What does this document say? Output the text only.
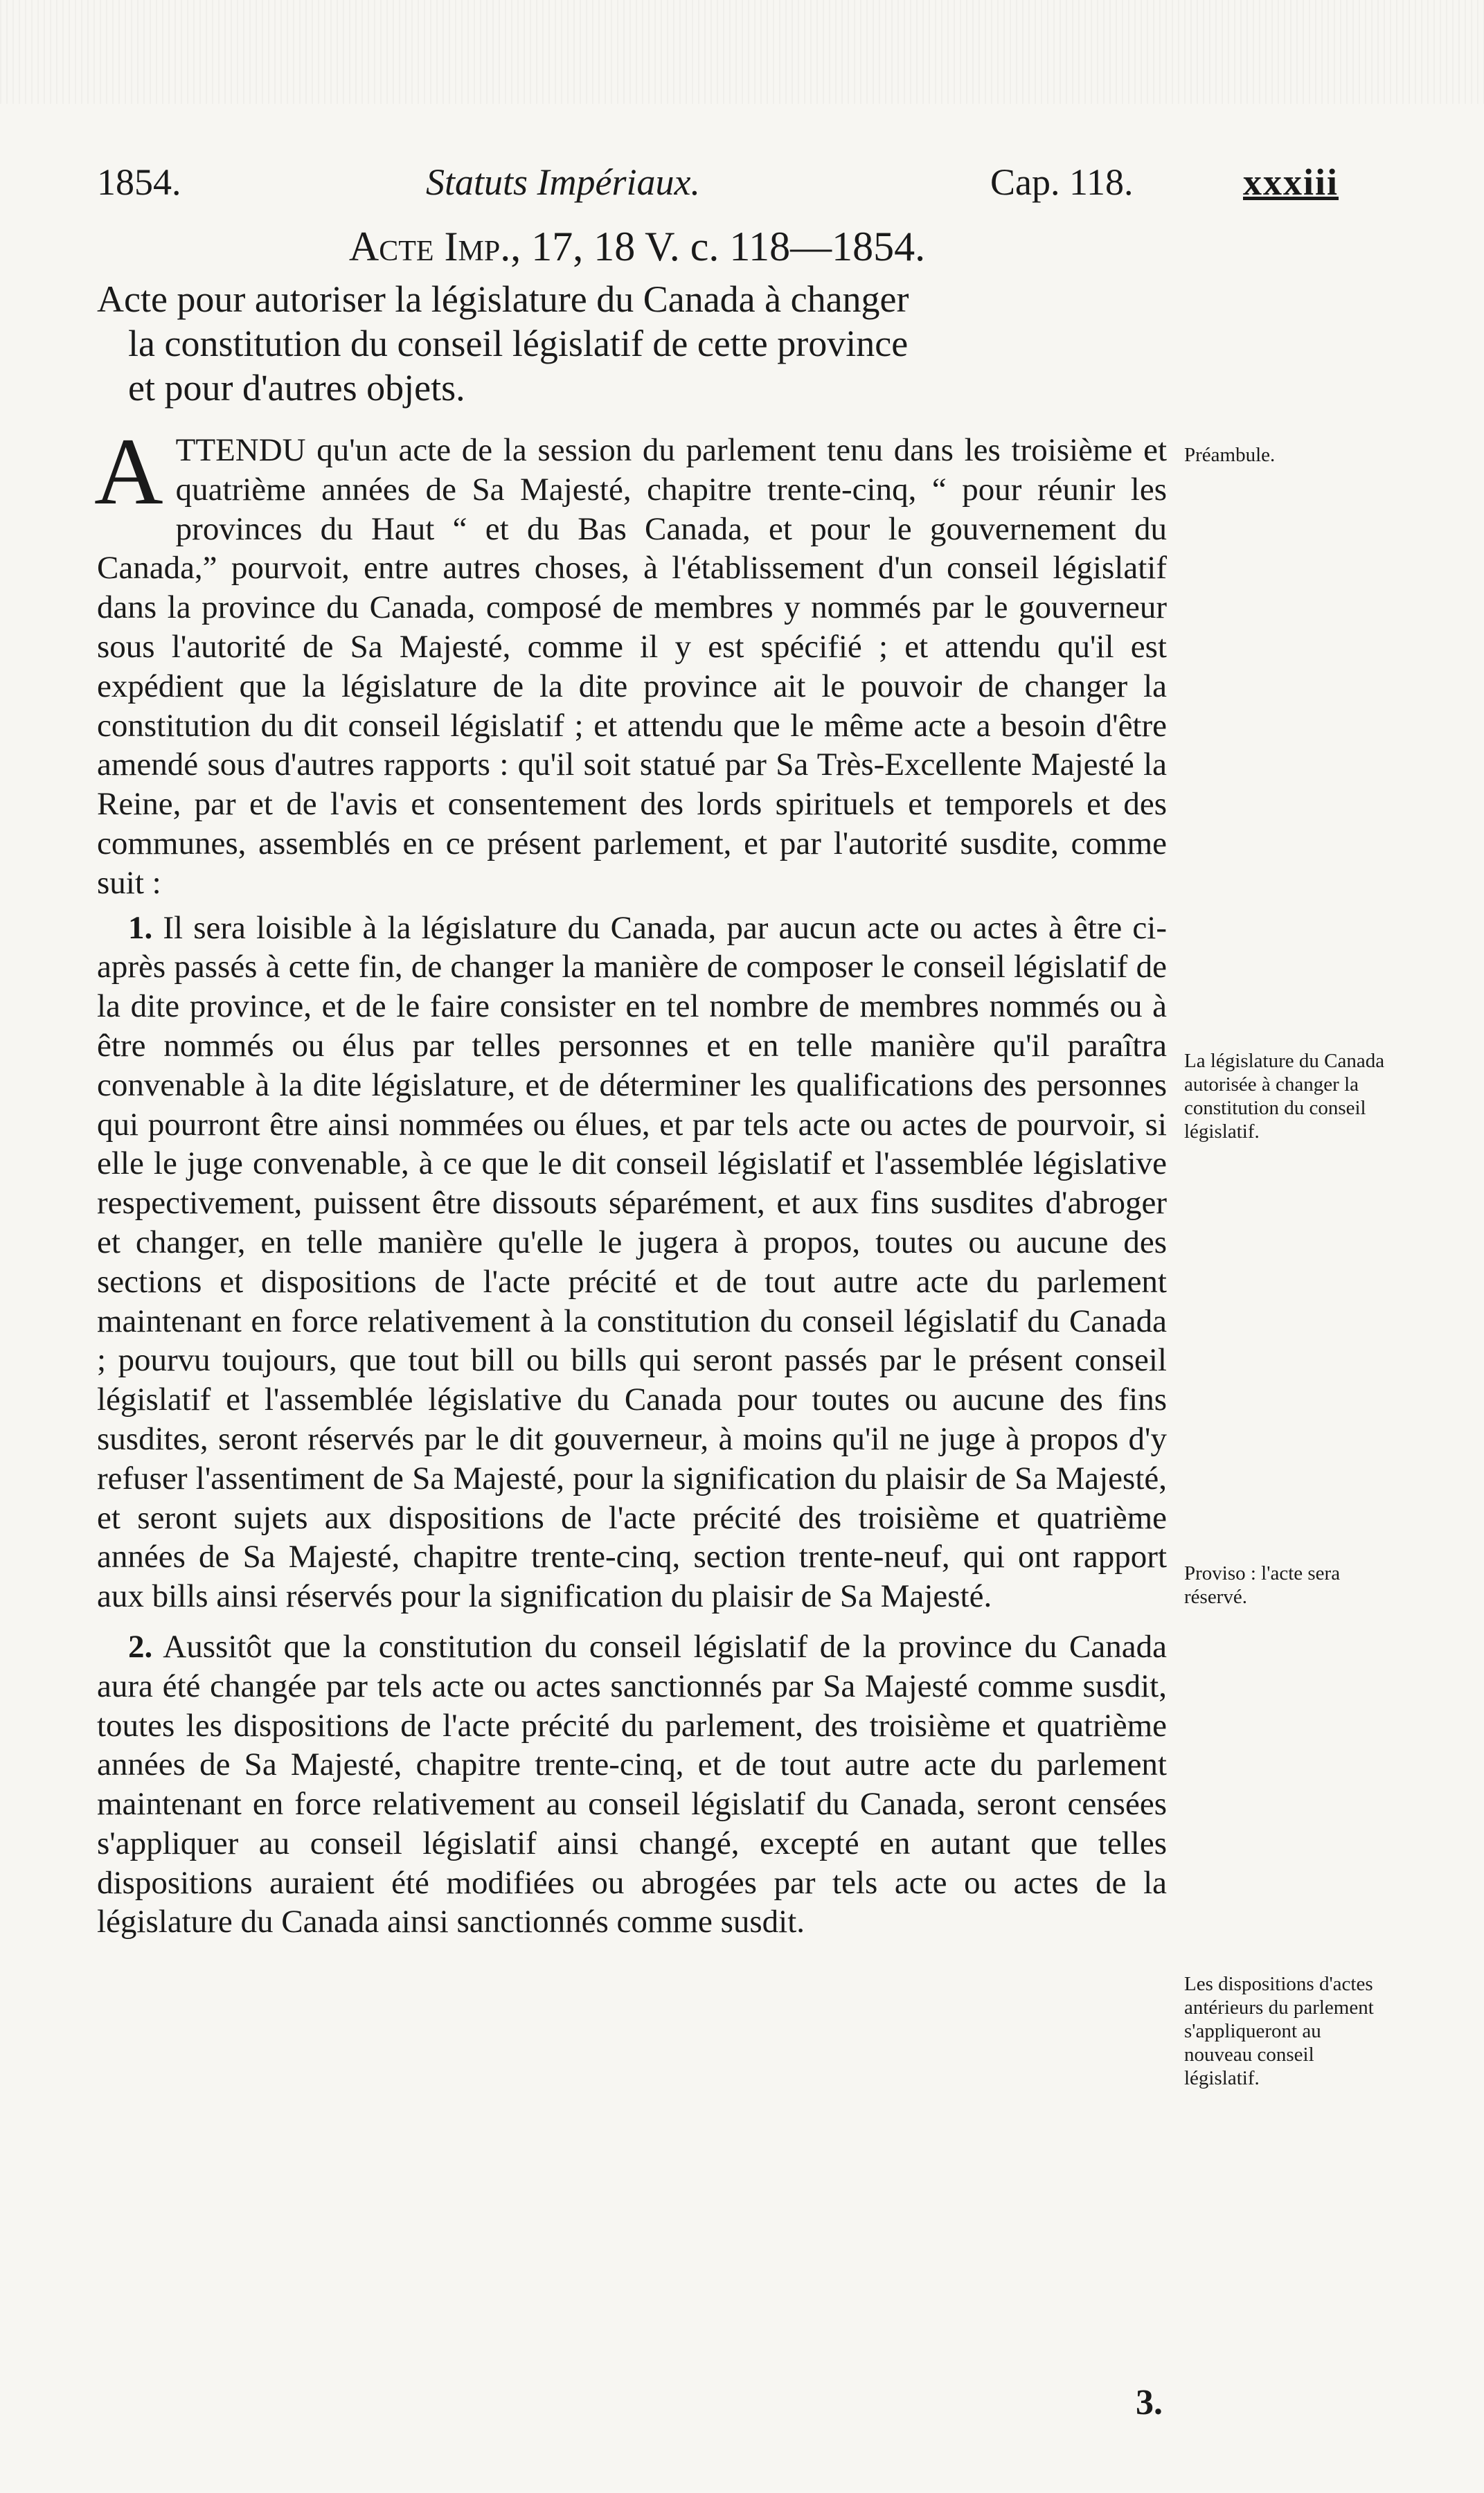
1854.	Statuts Impériaux.	Cap. 118.	xxxiii
Acte Imp., 17, 18 V. c. 118—1854.
Acte pour autoriser la législature du Canada à changer
la constitution du conseil législatif de cette province
et pour d'autres objets.

ATTENDU qu'un acte de la session du parlement tenu dans les troisième et quatrième années de Sa Majesté, chapitre trente-cinq, “ pour réunir les provinces du Haut “ et du Bas Canada, et pour le gouvernement du Canada,” pourvoit, entre autres choses, à l'établissement d'un conseil législatif dans la province du Canada, composé de membres y nommés par le gouverneur sous l'autorité de Sa Majesté, comme il y est spécifié ; et attendu qu'il est expédient que la législature de la dite province ait le pouvoir de changer la constitution du dit conseil législatif ; et attendu que le même acte a besoin d'être amendé sous d'autres rapports : qu'il soit statué par Sa Très-Excellente Majesté la Reine, par et de l'avis et consentement des lords spirituels et temporels et des communes, assemblés en ce présent parlement, et par l'autorité susdite, comme suit :

1. Il sera loisible à la législature du Canada, par aucun acte ou actes à être ci-après passés à cette fin, de changer la manière de composer le conseil législatif de la dite province, et de le faire consister en tel nombre de membres nommés ou à être nommés ou élus par telles personnes et en telle manière qu'il paraîtra convenable à la dite législature, et de déterminer les qualifications des personnes qui pourront être ainsi nommées ou élues, et par tels acte ou actes de pourvoir, si elle le juge convenable, à ce que le dit conseil législatif et l'assemblée législative respectivement, puissent être dissouts séparément, et aux fins susdites d'abroger et changer, en telle manière qu'elle le jugera à propos, toutes ou aucune des sections et dispositions de l'acte précité et de tout autre acte du parlement maintenant en force relativement à la constitution du conseil législatif du Canada ; pourvu toujours, que tout bill ou bills qui seront passés par le présent conseil législatif et l'assemblée législative du Canada pour toutes ou aucune des fins susdites, seront réservés par le dit gouverneur, à moins qu'il ne juge à propos d'y refuser l'assentiment de Sa Majesté, pour la signification du plaisir de Sa Majesté, et seront sujets aux dispositions de l'acte précité des troisième et quatrième années de Sa Majesté, chapitre trente-cinq, section trente-neuf, qui ont rapport aux bills ainsi réservés pour la signification du plaisir de Sa Majesté.

2. Aussitôt que la constitution du conseil législatif de la province du Canada aura été changée par tels acte ou actes sanctionnés par Sa Majesté comme susdit, toutes les dispositions de l'acte précité du parlement, des troisième et quatrième années de Sa Majesté, chapitre trente-cinq, et de tout autre acte du parlement maintenant en force relativement au conseil législatif du Canada, seront censées s'appliquer au conseil législatif ainsi changé, excepté en autant que telles dispositions auraient été modifiées ou abrogées par tels acte ou actes de la législature du Canada ainsi sanctionnés comme susdit.

Préambule.
La législature du Canada autorisée à changer la constitution du conseil législatif.
Proviso : l'acte sera réservé.
Les dispositions d'actes antérieurs du parlement s'appliqueront au nouveau conseil législatif.
3.
